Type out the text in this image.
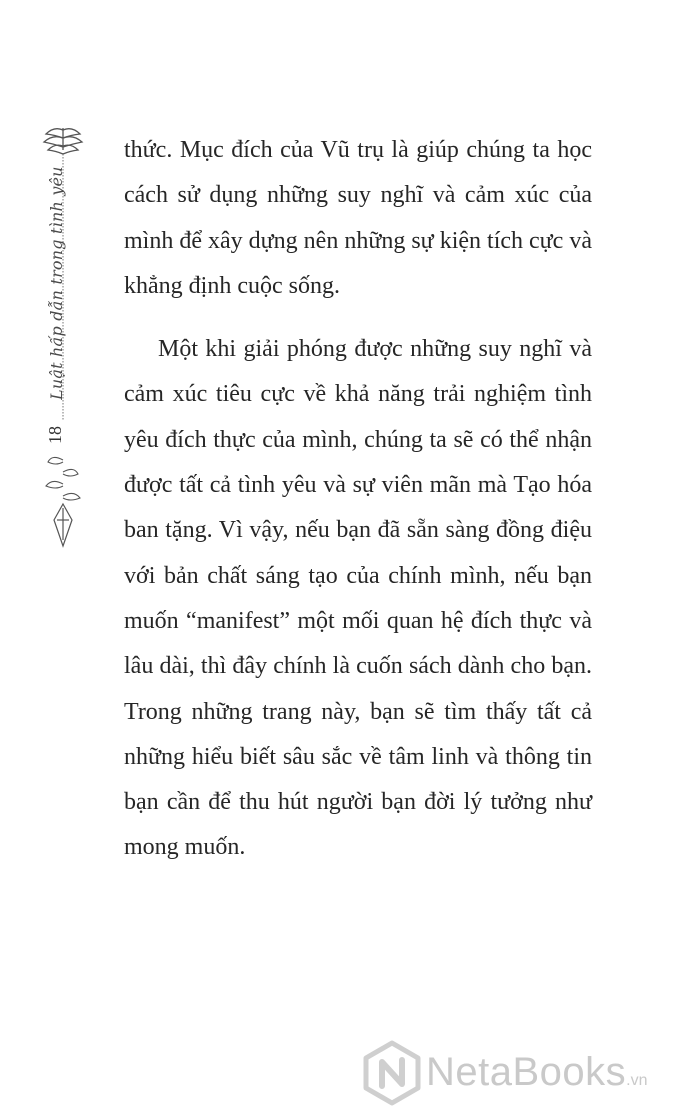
Luật hấp dẫn trong tình yêu
18

thức. Mục đích của Vũ trụ là giúp chúng ta học cách sử dụng những suy nghĩ và cảm xúc của mình để xây dựng nên những sự kiện tích cực và khẳng định cuộc sống.

Một khi giải phóng được những suy nghĩ và cảm xúc tiêu cực về khả năng trải nghiệm tình yêu đích thực của mình, chúng ta sẽ có thể nhận được tất cả tình yêu và sự viên mãn mà Tạo hóa ban tặng. Vì vậy, nếu bạn đã sẵn sàng đồng điệu với bản chất sáng tạo của chính mình, nếu bạn muốn “manifest” một mối quan hệ đích thực và lâu dài, thì đây chính là cuốn sách dành cho bạn. Trong những trang này, bạn sẽ tìm thấy tất cả những hiểu biết sâu sắc về tâm linh và thông tin bạn cần để thu hút người bạn đời lý tưởng như mong muốn.

NetaBooks.vn
